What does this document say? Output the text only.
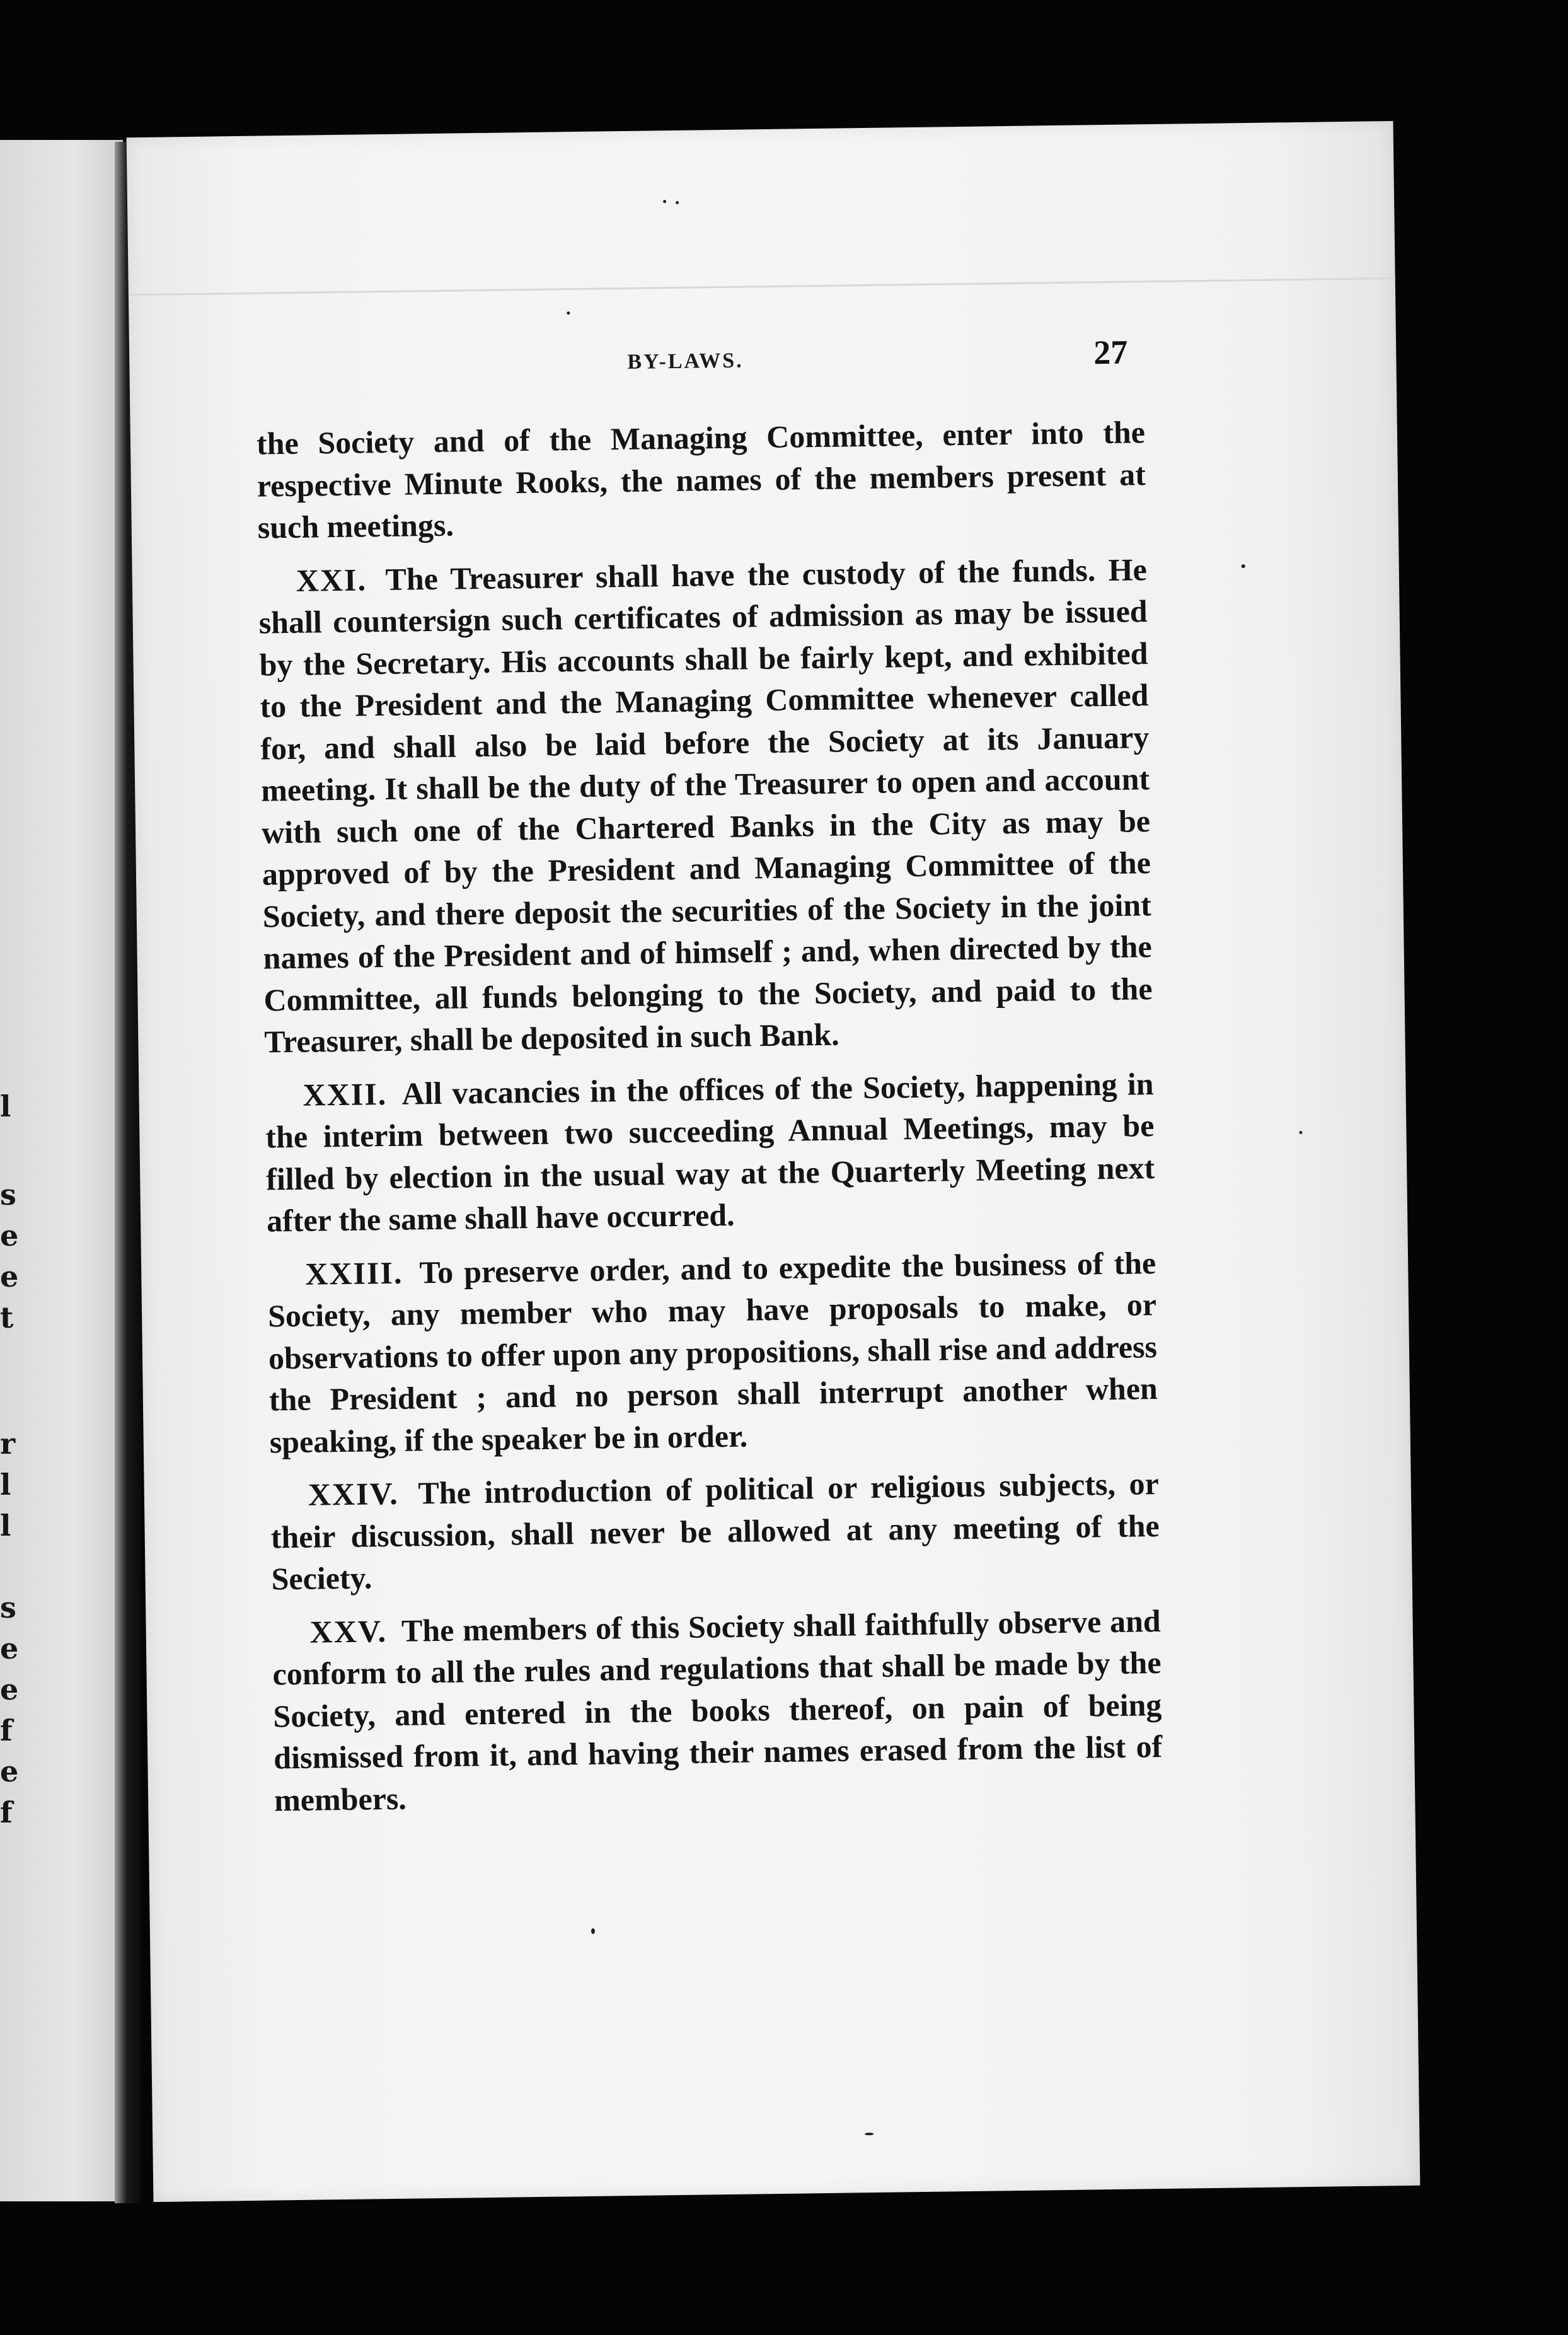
l
s
e
e
t
r
l
l
s
e
e
f
e
f
BY-LAWS.	27

the Society and of the Managing Committee, enter into the respective Minute Rooks, the names of the members present at such meetings.

XXI. The Treasurer shall have the custody of the funds. He shall countersign such certificates of admission as may be issued by the Secretary. His accounts shall be fairly kept, and exhibited to the President and the Managing Committee whenever called for, and shall also be laid before the Society at its January meeting. It shall be the duty of the Treasurer to open and account with such one of the Chartered Banks in the City as may be approved of by the President and Managing Committee of the Society, and there deposit the securities of the Society in the joint names of the President and of himself ; and, when directed by the Committee, all funds belonging to the Society, and paid to the Treasurer, shall be deposited in such Bank.

XXII. All vacancies in the offices of the Society, happening in the interim between two succeeding Annual Meetings, may be filled by election in the usual way at the Quarterly Meeting next after the same shall have occurred.

XXIII. To preserve order, and to expedite the business of the Society, any member who may have proposals to make, or observations to offer upon any propositions, shall rise and address the President ; and no person shall interrupt another when speaking, if the speaker be in order.

XXIV. The introduction of political or religious subjects, or their discussion, shall never be allowed at any meeting of the Seciety.

XXV. The members of this Society shall faithfully observe and conform to all the rules and regulations that shall be made by the Society, and entered in the books thereof, on pain of being dismissed from it, and having their names erased from the list of members.
